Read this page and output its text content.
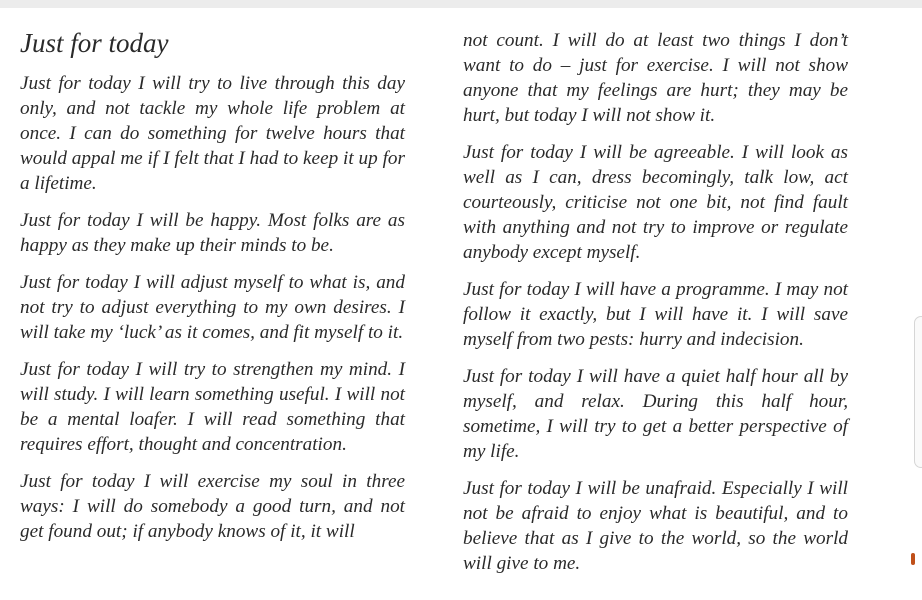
Just for today

Just for today I will try to live through this day only, and not tackle my whole life problem at once. I can do something for twelve hours that would appal me if I felt that I had to keep it up for a lifetime.

Just for today I will be happy. Most folks are as happy as they make up their minds to be.

Just for today I will adjust myself to what is, and not try to adjust everything to my own desires. I will take my ‘luck’ as it comes, and fit myself to it.

Just for today I will try to strengthen my mind. I will study. I will learn something useful. I will not be a mental loafer. I will read something that requires effort, thought and concentration.

Just for today I will exercise my soul in three ways: I will do somebody a good turn, and not get found out; if anybody knows of it, it will

not count. I will do at least two things I don’t want to do – just for exercise. I will not show anyone that my feelings are hurt; they may be hurt, but today I will not show it.

Just for today I will be agreeable. I will look as well as I can, dress becomingly, talk low, act courteously, criticise not one bit, not find fault with anything and not try to improve or regulate anybody except myself.

Just for today I will have a programme. I may not follow it exactly, but I will have it. I will save myself from two pests: hurry and indecision.

Just for today I will have a quiet half hour all by myself, and relax. During this half hour, sometime, I will try to get a better perspective of my life.

Just for today I will be unafraid. Especially I will not be afraid to enjoy what is beautiful, and to believe that as I give to the world, so the world will give to me.
